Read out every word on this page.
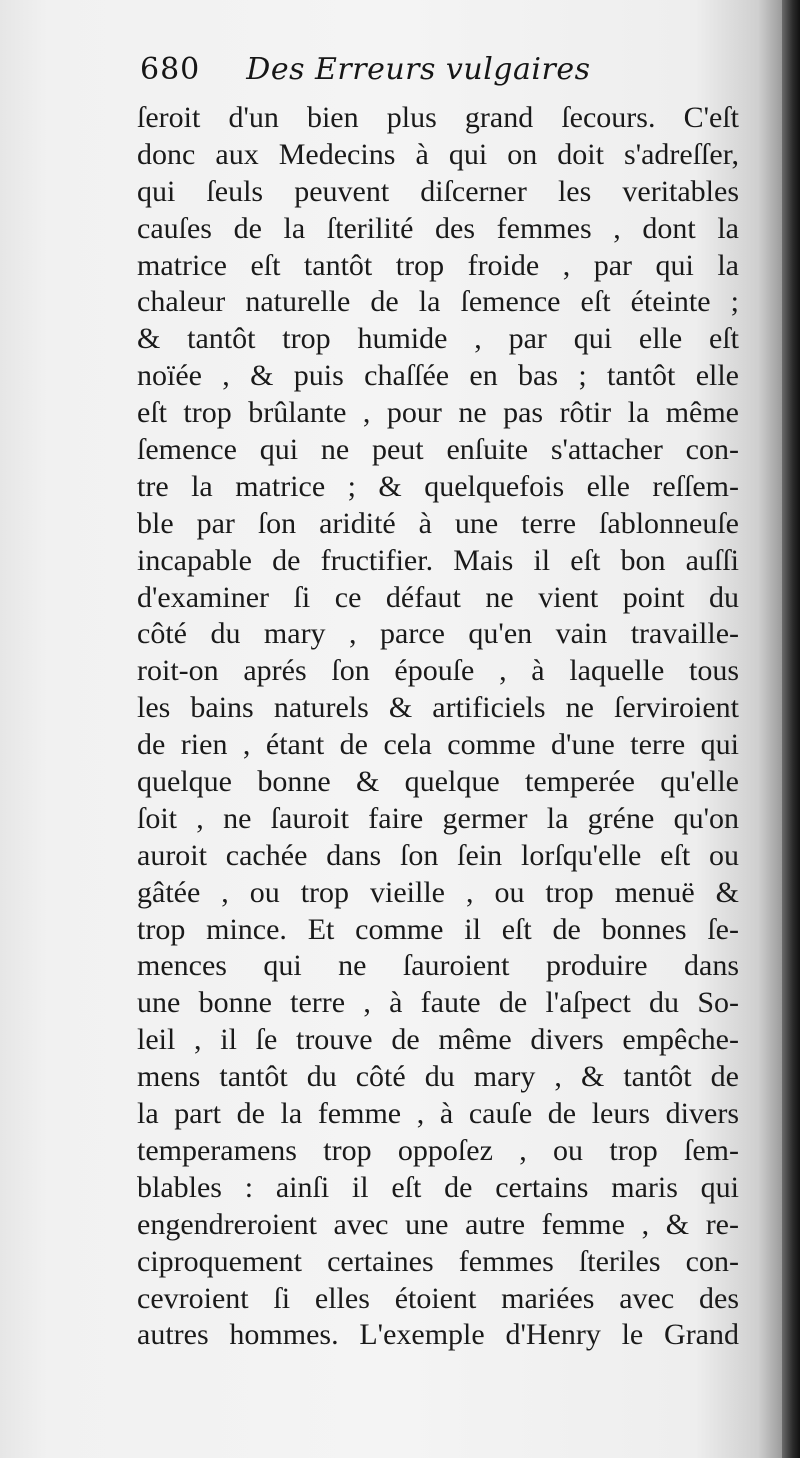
680 Des Erreurs vulgaires
ſeroit d'un bien plus grand ſecours. C'eſt
donc aux Medecins à qui on doit s'adreſſer,
qui ſeuls peuvent diſcerner les veritables
cauſes de la ſterilité des femmes , dont la
matrice eſt tantôt trop froide , par qui la
chaleur naturelle de la ſemence eſt éteinte ;
& tantôt trop humide , par qui elle eſt
noïée , & puis chaſſée en bas ; tantôt elle
eſt trop brûlante , pour ne pas rôtir la même
ſemence qui ne peut enſuite s'attacher con-
tre la matrice ; & quelquefois elle reſſem-
ble par ſon aridité à une terre ſablonneuſe
incapable de fructifier. Mais il eſt bon auſſi
d'examiner ſi ce défaut ne vient point du
côté du mary , parce qu'en vain travaille-
roit-on aprés ſon épouſe , à laquelle tous
les bains naturels & artificiels ne ſerviroient
de rien , étant de cela comme d'une terre qui
quelque bonne & quelque temperée qu'elle
ſoit , ne ſauroit faire germer la gréne qu'on
auroit cachée dans ſon ſein lorſqu'elle eſt ou
gâtée , ou trop vieille , ou trop menuë &
trop mince. Et comme il eſt de bonnes ſe-
mences qui ne ſauroient produire dans
une bonne terre , à faute de l'aſpect du So-
leil , il ſe trouve de même divers empêche-
mens tantôt du côté du mary , & tantôt de
la part de la femme , à cauſe de leurs divers
temperamens trop oppoſez , ou trop ſem-
blables : ainſi il eſt de certains maris qui
engendreroient avec une autre femme , & re-
ciproquement certaines femmes ſteriles con-
cevroient ſi elles étoient mariées avec des
autres hommes. L'exemple d'Henry le Grand
